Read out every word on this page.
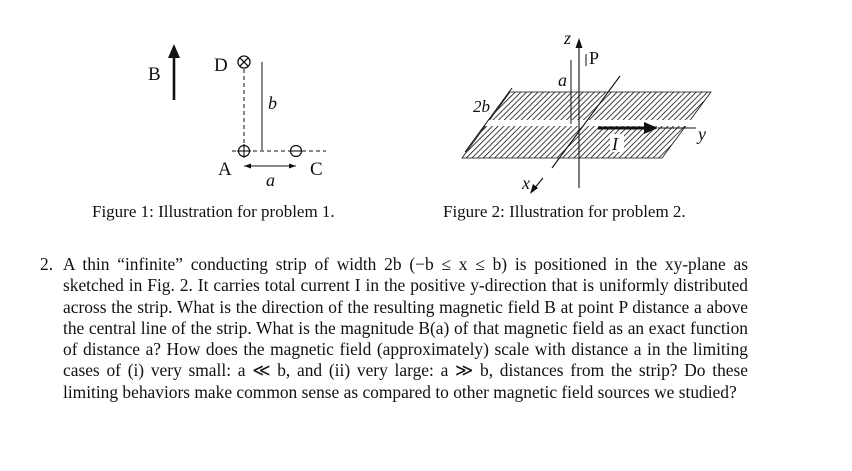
B	D
b
A a C
z
a
P
x
2b
I	y
Figure 1: Illustration for problem 1.	Figure 2: Illustration for problem 2.
2. A thin “infinite” conducting strip of width 2b (−b ≤ x ≤ b) is positioned in the xy-plane as sketched in Fig. 2. It carries total current I in the positive y-direction that is uniformly distributed across the strip. What is the direction of the resulting magnetic field B at point P distance a above the central line of the strip. What is the magnitude B(a) of that magnetic field as an exact function of distance a? How does the magnetic field (approximately) scale with distance a in the limiting cases of (i) very small: a ≪ b, and (ii) very large: a ≫ b, distances from the strip? Do these limiting behaviors make common sense as compared to other magnetic field sources we studied?
